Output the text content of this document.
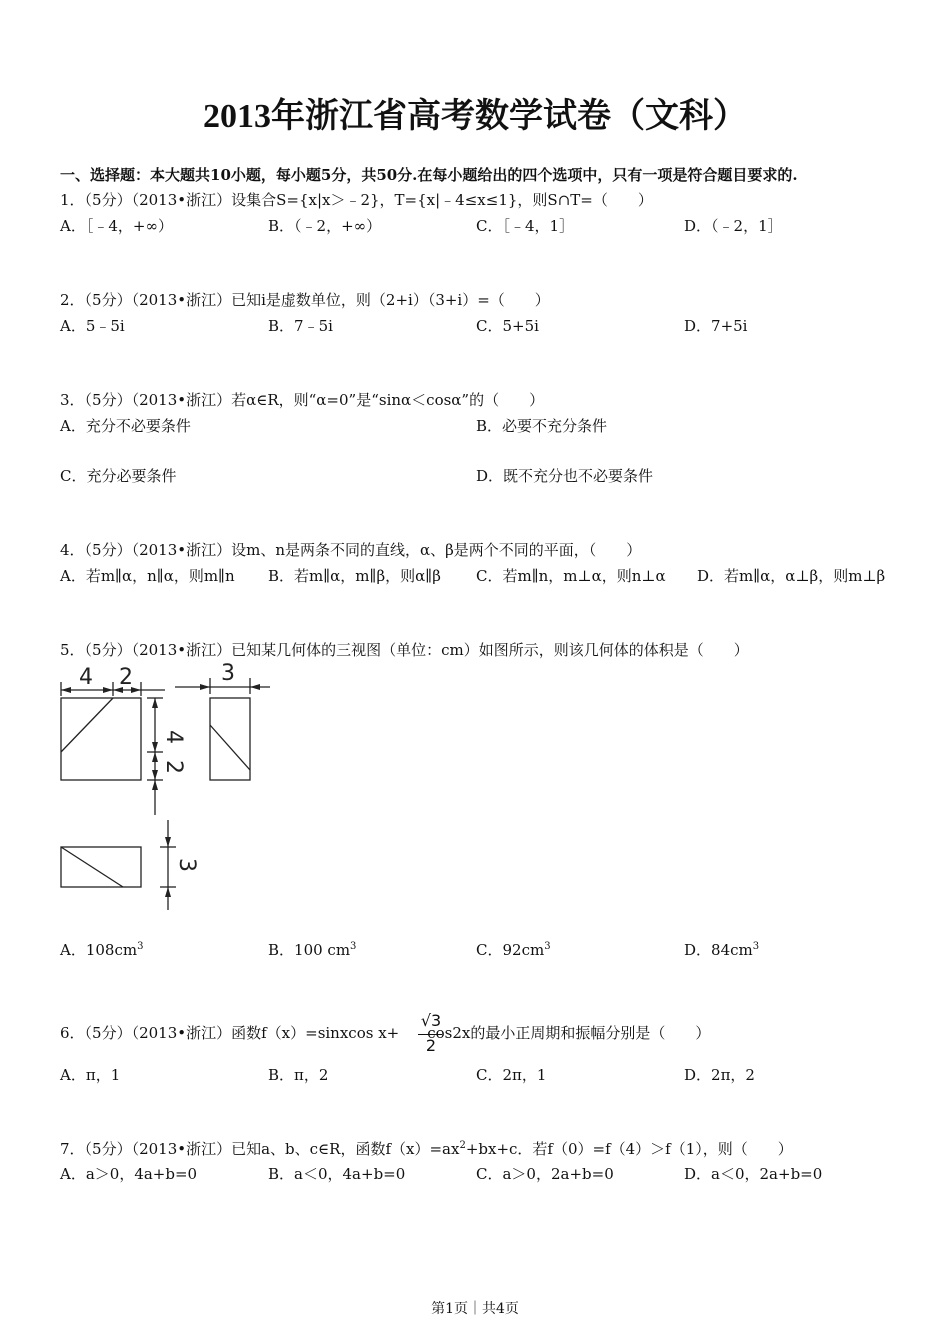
2013年浙江省高考数学试卷（文科）
一、选择题：本大题共10小题，每小题5分，共50分.在每小题给出的四个选项中，只有一项是符合题目要求的.
1．（5分）（2013•浙江）设集合S={x|x＞﹣2}，T={x|﹣4≤x≤1}，则S∩T=（　　）
A．［﹣4，+∞）	B．（﹣2，+∞）	C．［﹣4，1］	D．（﹣2，1］
2．（5分）（2013•浙江）已知i是虚数单位，则（2+i）（3+i）=（　　）
A．5﹣5i	B．7﹣5i	C．5+5i	D．7+5i
3．（5分）（2013•浙江）若α∈R，则“α=0”是“sinα＜cosα”的（　　）
A．充分不必要条件	B．必要不充分条件
C．充分必要条件	D．既不充分也不必要条件
4．（5分）（2013•浙江）设m、n是两条不同的直线，α、β是两个不同的平面，（　　）
A．若m∥α，n∥α，则m∥n B．若m∥α，m∥β，则α∥β C．若m∥n，m⊥α，则n⊥α D．若m∥α，α⊥β，则m⊥β
5．（5分）（2013•浙江）已知某几何体的三视图（单位：cm）如图所示，则该几何体的体积是（　　）
4 2	3
4
2
3
A．$108cm^3$	B．100 $cm^3$	C．$92cm^3$	D．$84cm^3$
6．（5分）（2013•浙江）函数f（x）=sinxcos x+ cos2x的最小正周期和振幅分别是（　　）
√3
2
A．π，1	B．π，2	C．2π，1	D．2π，2
7．（5分）（2013•浙江）已知a、b、c∈R，函数$f(x)=ax^2+bx+c$．若f（0）=f（4）＞f（1），则（　　）
A．a＞0，4a+b=0	B．a＜0，4a+b=0	C．a＞0，2a+b=0	D．a＜0，2a+b=0
第1页｜共4页
